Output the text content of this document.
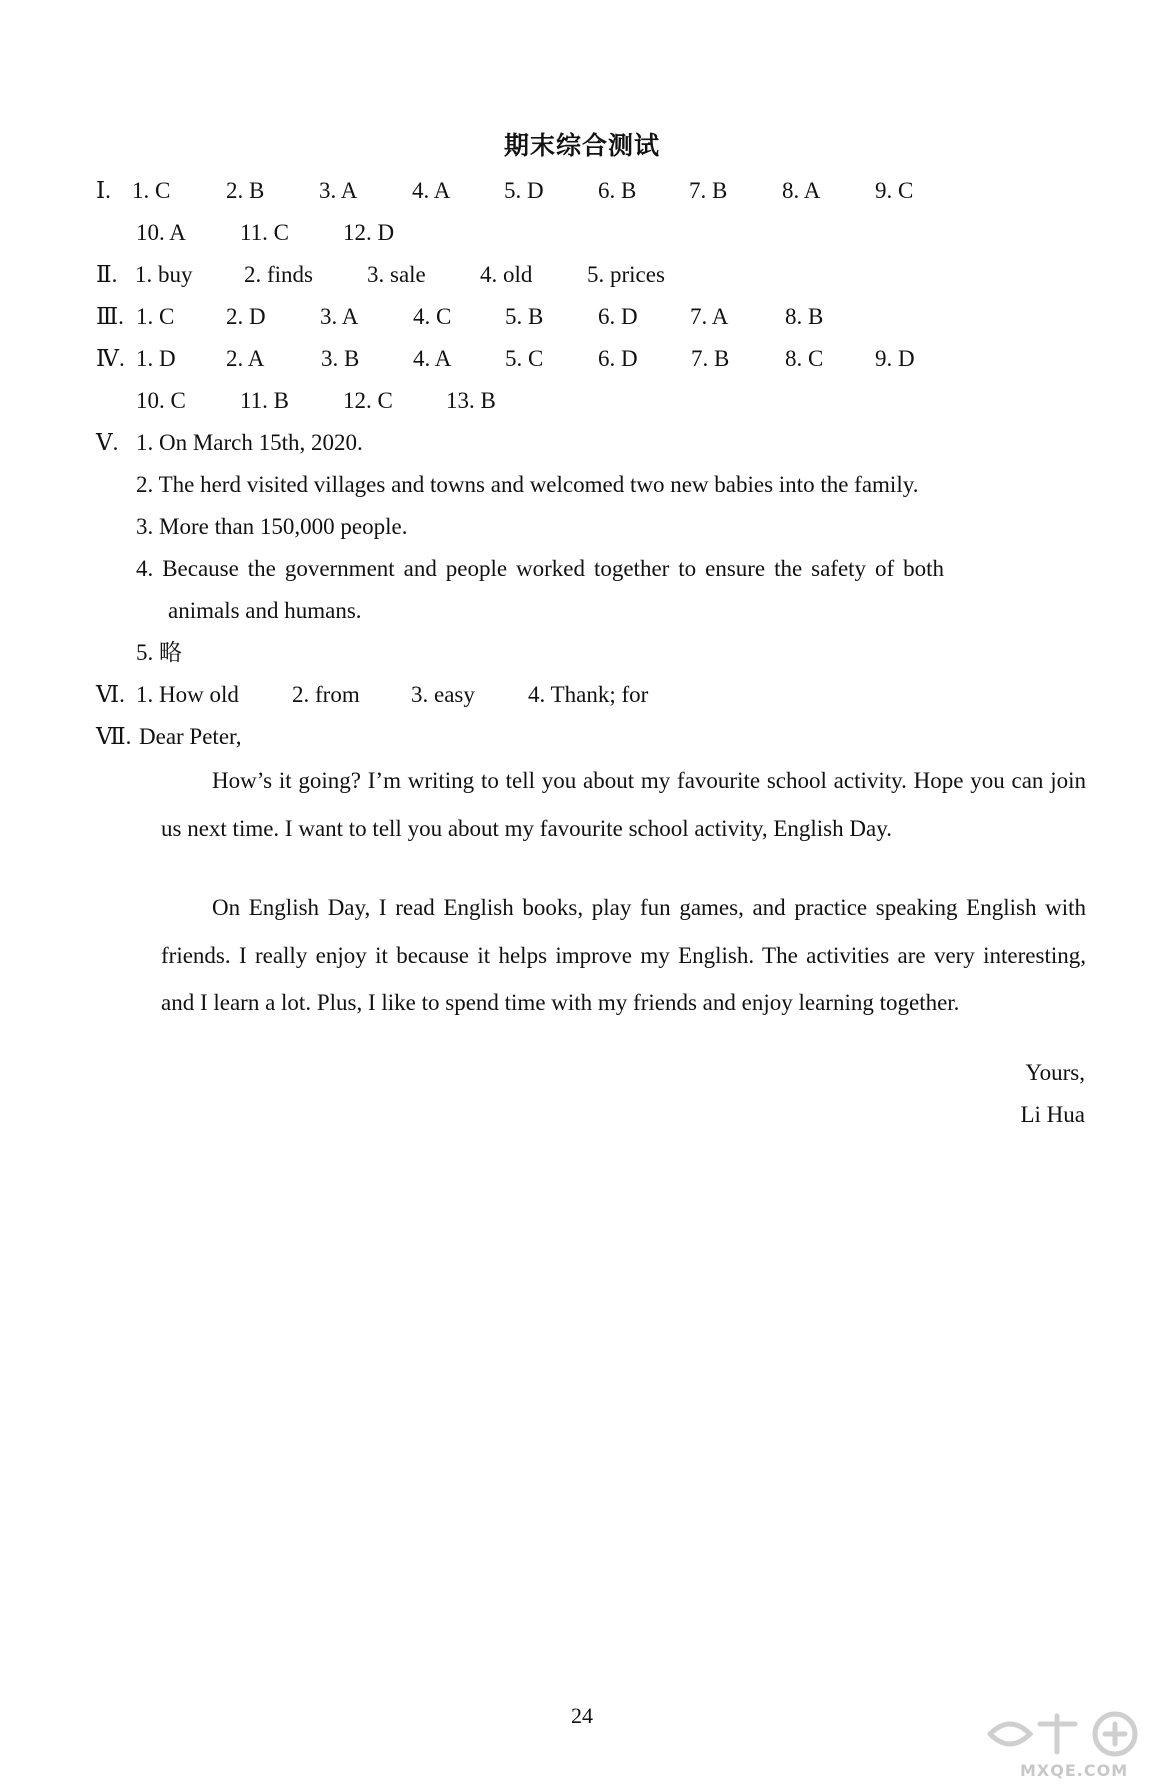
期末综合测试
Ⅰ. 1. C 2. B 3. A 4. A 5. D 6. B 7. B 8. A 9. C
10. A 11. C 12. D
Ⅱ. 1. buy 2. finds 3. sale 4. old 5. prices
Ⅲ. 1. C 2. D 3. A 4. C 5. B 6. D 7. A 8. B
Ⅳ. 1. D 2. A 3. B 4. A 5. C 6. D 7. B 8. C 9. D
10. C 11. B 12. C 13. B
Ⅴ. 1. On March 15th, 2020.
2. The herd visited villages and towns and welcomed two new babies into the family.
3. More than 150,000 people.
4. Because the government and people worked together to ensure the safety of both
animals and humans.
5. 略
Ⅵ. 1. How old 2. from 3. easy 4. Thank; for
Ⅶ. Dear Peter,
How’s it going? I’m writing to tell you about my favourite school activity. Hope you can join us next time. I want to tell you about my favourite school activity, English Day.
On English Day, I read English books, play fun games, and practice speaking English with friends. I really enjoy it because it helps improve my English. The activities are very interesting, and I learn a lot. Plus, I like to spend time with my friends and enjoy learning together.
Yours,
Li Hua
24
MXQE.COM
